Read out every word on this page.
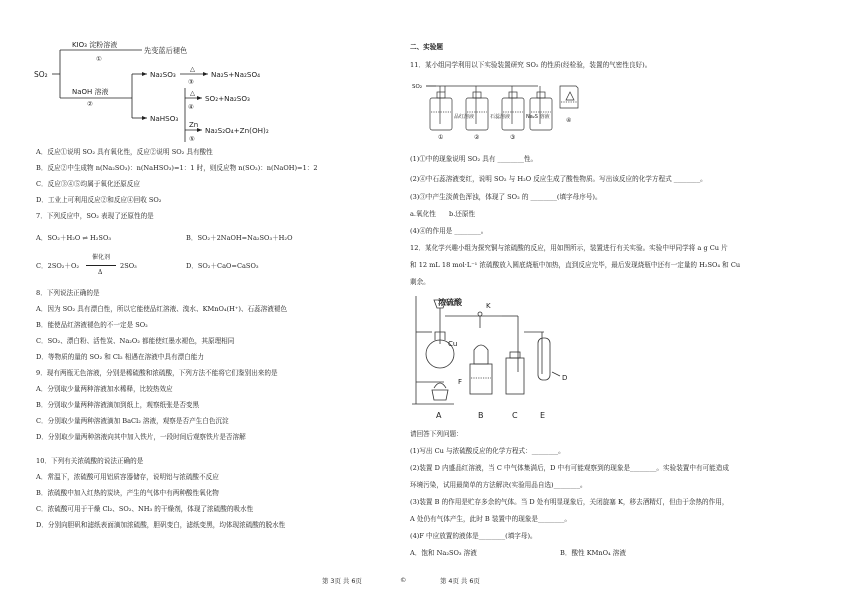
SO₂
KIO₃ 淀粉溶液
①
先变蓝后褪色
NaOH 溶液
②
Na₂SO₃
△
③
Na₂S+Na₂SO₄
NaHSO₃
△
④
SO₂+Na₂SO₃
Zn
⑤
Na₂S₂O₄+Zn(OH)₂
A．反应①说明 SO₂ 具有氧化性，反应②说明 SO₂ 具有酸性
B．反应②中生成物 n(Na₂SO₃)：n(NaHSO₃)=1：1 时，则反应物 n(SO₂)：n(NaOH)=1：2
C．反应③④⑤均属于氧化还原反应
D．工业上可利用反应②和反应④回收 SO₂
7．下列反应中，SO₂ 表现了还原性的是
A．SO₂＋H₂O ⇌ H₂SO₃	B．SO₂＋2NaOH=Na₂SO₃＋H₂O
C．2SO₂＋O₂
催化剂
Δ
2SO₃	D．SO₂＋CaO=CaSO₃
8．下列说法正确的是
A．因为 SO₂ 具有漂白性，所以它能使品红溶液、溴水、KMnO₄(H⁺)、石蕊溶液褪色
B．能使品红溶液褪色的不一定是 SO₂
C．SO₂、漂白粉、活性炭、Na₂O₂ 都能使红墨水褪色，其原理相同
D．等物质的量的 SO₂ 和 Cl₂ 相遇在溶液中具有漂白能力
9．现有两瓶无色溶液，分别是稀硫酸和浓硫酸，下列方法不能将它们鉴别出来的是
A．分别取少量两种溶液加水稀释，比较热效应
B．分别取少量两种溶液滴加到纸上，观察纸张是否变黑
C．分别取少量两种溶液滴加 BaCl₂ 溶液，观察是否产生白色沉淀
D．分别取少量两种溶液向其中加入铁片，一段时间后观察铁片是否溶解
10．下列有关浓硫酸的说法正确的是
A．常温下，浓硫酸可用铝质容器储存，说明铝与浓硫酸不反应
B．浓硫酸中加入红热的炭块，产生的气体中有两种酸性氧化物
C．浓硫酸可用于干燥 Cl₂、SO₂、NH₃ 的干燥剂，体现了浓硫酸的吸水性
D．分别向胆矾和滤纸表面滴加浓硫酸，胆矾变白，滤纸变黑，均体现浓硫酸的脱水性
二、实验题
11．某小组同学利用以下实验装置研究 SO₂ 的性质(经检验，装置的气密性良好)。
SO₂
品红溶液	石蕊溶液	Na₂S 溶液
①	②	③
④
(1)①中的现象说明 SO₂ 具有 ________性。
(2)④中石蕊溶液变红，说明 SO₂ 与 H₂O 反应生成了酸性物质。写出该反应的化学方程式 ________。
(3)③中产生淡黄色浑浊，体现了 SO₂ 的 ________(填字母序号)。
a.氧化性　　b.还原性
(4)④的作用是 ________。
12．某化学兴趣小组为探究铜与浓硫酸的反应，用如图所示，装置进行有关实验。实验中甲同学将 a g Cu 片
和 12 mL 18 mol·L⁻¹ 浓硫酸放入圆底烧瓶中加热，直到反应完毕，最后发现烧瓶中还有一定量的 H₂SO₄ 和 Cu
剩余。
浓硫酸	K
Cu
F
A	B	C
D
E
请回答下列问题：
(1)写出 Cu 与浓硫酸反应的化学方程式：________。
(2)装置 D 内盛品红溶液，当 C 中气体集满后，D 中有可能观察到的现象是________。实验装置中有可能造成
环境污染，试用最简单的方法解决(实验用品自选)________。
(3)装置 B 的作用是贮存多余的气体。当 D 处有明显现象后，关闭旋塞 K，移去酒精灯，但由于余热的作用，
A 处仍有气体产生，此时 B 装置中的现象是________。
(4)F 中应放置的液体是________(填字母)。
A．饱和 Na₂SO₃ 溶液	B．酸性 KMnO₄ 溶液
第 3页 共 6页	©	第 4页 共 6页
